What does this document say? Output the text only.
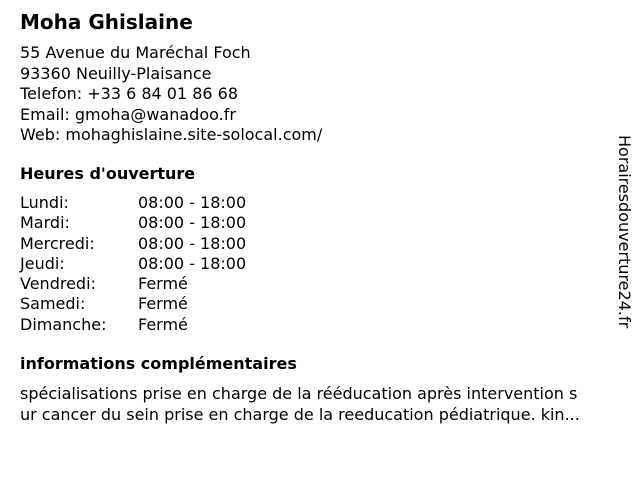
Moha Ghislaine
55 Avenue du Maréchal Foch
93360 Neuilly-Plaisance
Telefon: +33 6 84 01 86 68
Email: gmoha@wanadoo.fr
Web: mohaghislaine.site-solocal.com/
Heures d'ouverture
Lundi:	08:00 - 18:00
Mardi:	08:00 - 18:00
Mercredi:	08:00 - 18:00
Jeudi:	08:00 - 18:00
Vendredi:	Fermé
Samedi:	Fermé
Dimanche:	Fermé
informations complémentaires
spécialisations prise en charge de la rééducation après intervention s
ur cancer du sein prise en charge de la reeducation pédiatrique. kin...
Horairesdouverture24.fr
